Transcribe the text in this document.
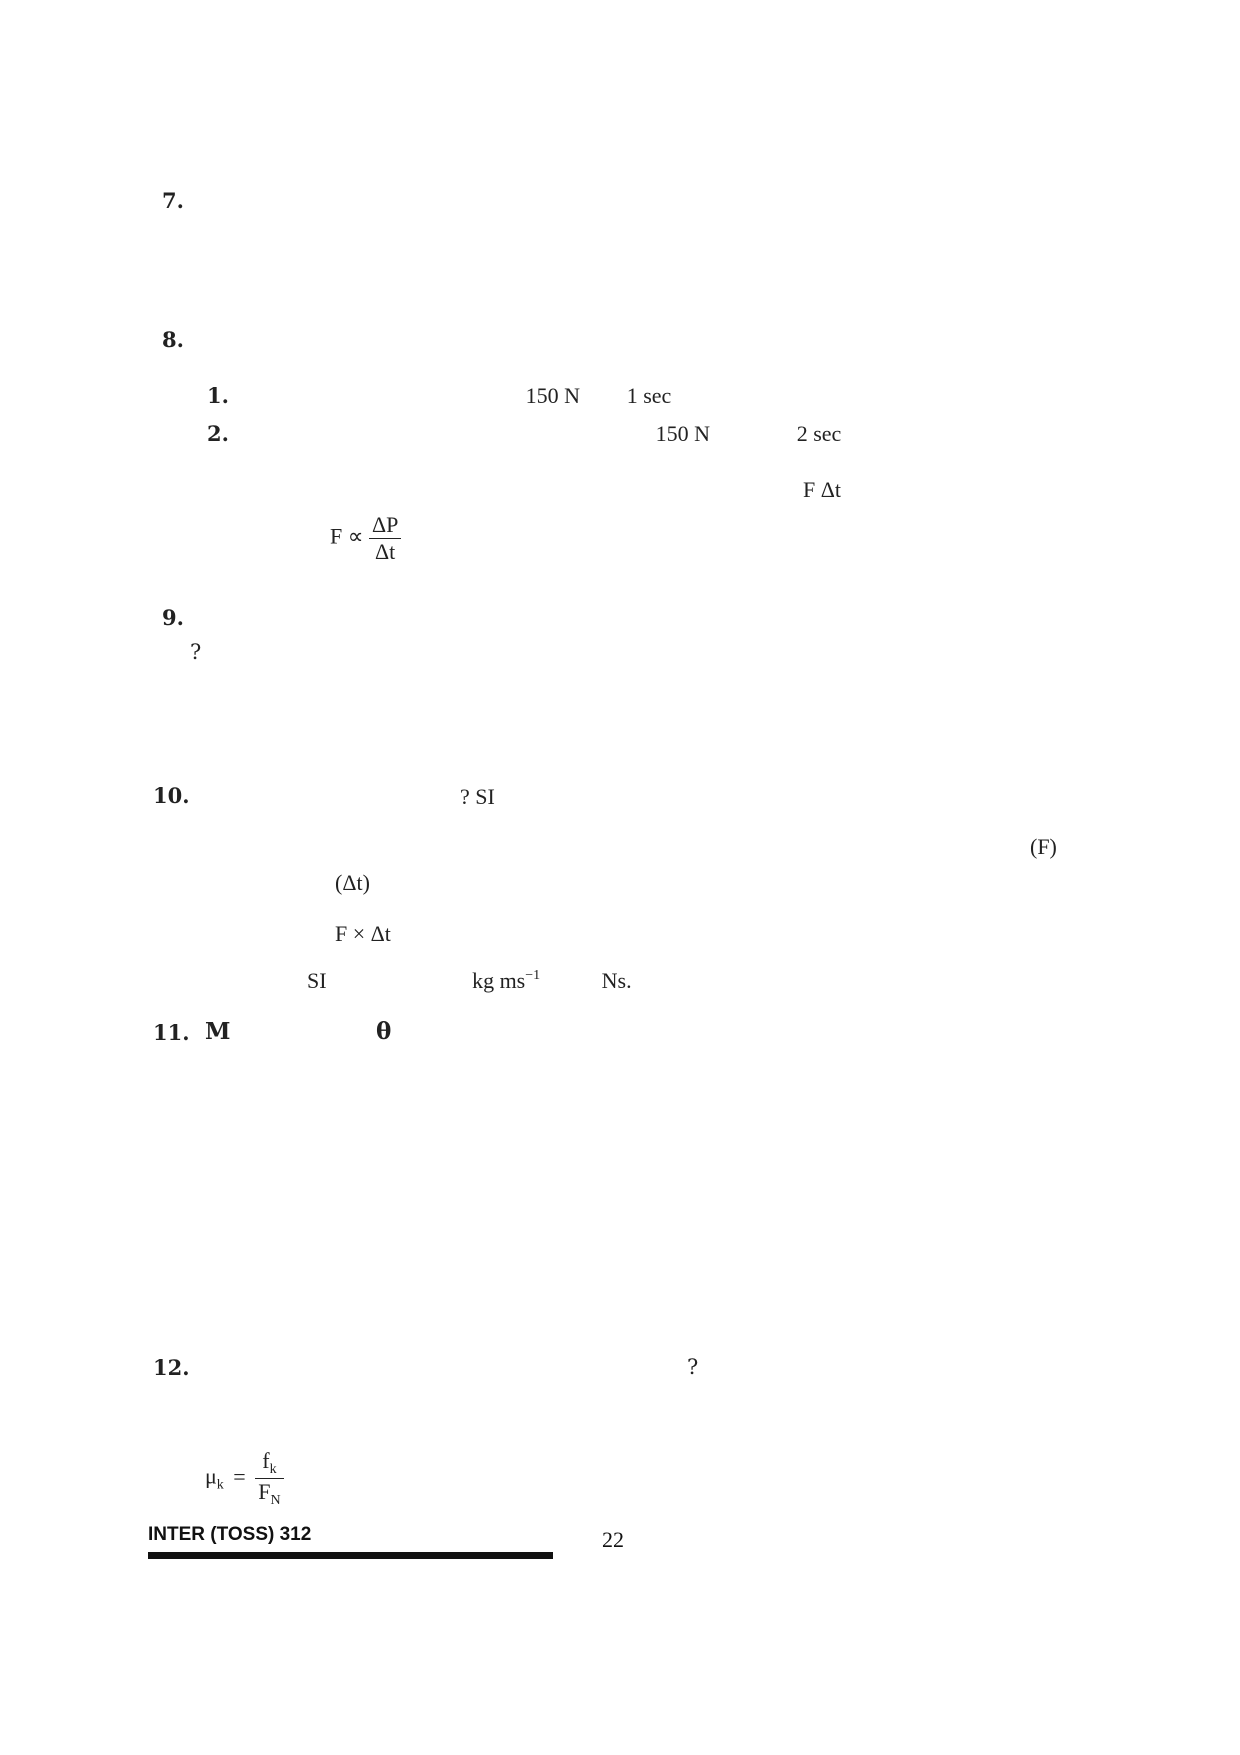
7.
8.
1.	150 N 1 sec
2.	150 N	2 sec
F Δt
$F \propto \frac{\Delta P}{\Delta t}$
9.
?
10.	? SI
(F)
(Δt)
F × Δt
SI	kg $ms^{-1}$	Ns.
11. M	θ
12.	?
$\mu_k = \frac{f_k}{F_N}$
INTER (TOSS) 312	22
